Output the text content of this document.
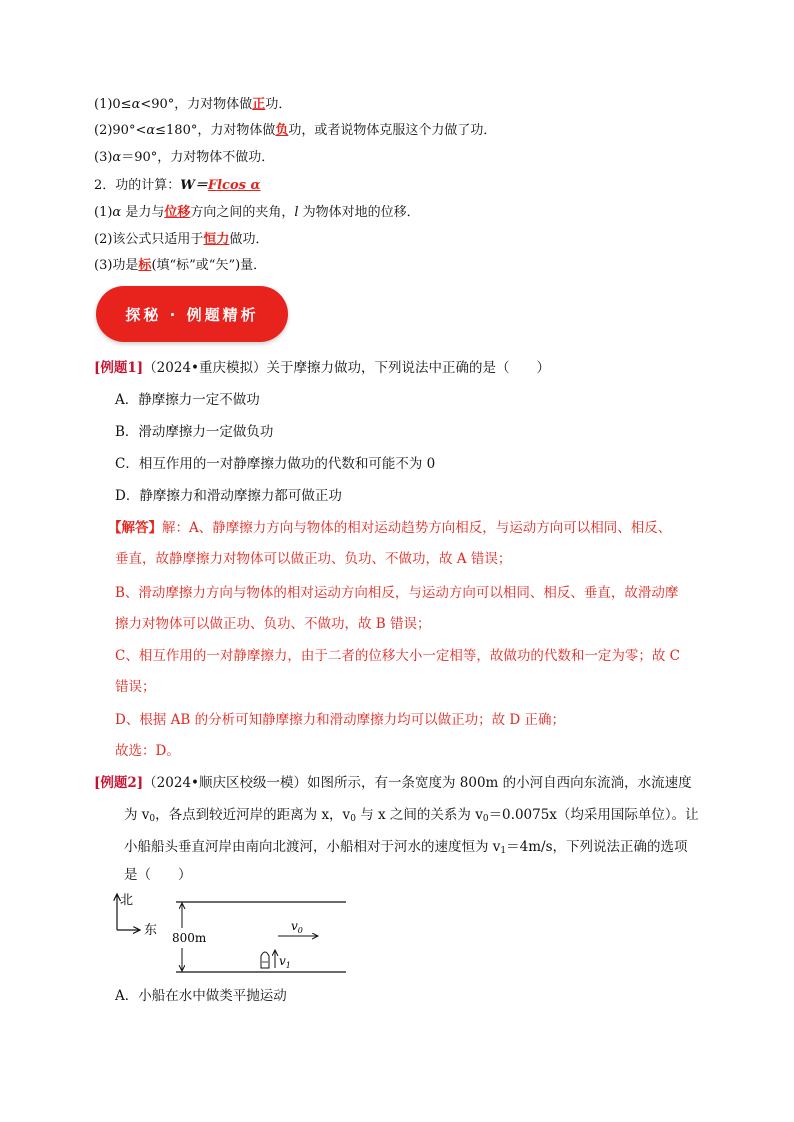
(1)0≤α<90°，力对物体做正功．
(2)90°<α≤180°，力对物体做负功，或者说物体克服这个力做了功．
(3)α＝90°，力对物体不做功．
2．功的计算：W＝Flcos α
(1)α 是力与位移方向之间的夹角，l 为物体对地的位移．
(2)该公式只适用于恒力做功．
(3)功是标(填“标”或“矢”)量．
探秘 · 例题精析
[例题1]（2024•重庆模拟）关于摩擦力做功，下列说法中正确的是（　　）
A．静摩擦力一定不做功
B．滑动摩擦力一定做负功
C．相互作用的一对静摩擦力做功的代数和可能不为 0
D．静摩擦力和滑动摩擦力都可做正功
【解答】解：A、静摩擦力方向与物体的相对运动趋势方向相反，与运动方向可以相同、相反、
垂直，故静摩擦力对物体可以做正功、负功、不做功，故 A 错误；
B、滑动摩擦力方向与物体的相对运动方向相反，与运动方向可以相同、相反、垂直，故滑动摩
擦力对物体可以做正功、负功、不做功，故 B 错误；
C、相互作用的一对静摩擦力，由于二者的位移大小一定相等，故做功的代数和一定为零；故 C
错误；
D、根据 AB 的分析可知静摩擦力和滑动摩擦力均可以做正功；故 D 正确；
故选：D。
[例题2]（2024•顺庆区校级一模）如图所示，有一条宽度为 800m 的小河自西向东流淌，水流速度
为 $v_0$，各点到较近河岸的距离为 x，$v_0$ 与 x 之间的关系为 $v_0=0.0075x$（均采用国际单位）。让
小船船头垂直河岸由南向北渡河，小船相对于河水的速度恒为 $v_1=4m/s$，下列说法正确的选项
是（　　）
北
东 800m
$v_0$
$v_1$
A．小船在水中做类平抛运动
